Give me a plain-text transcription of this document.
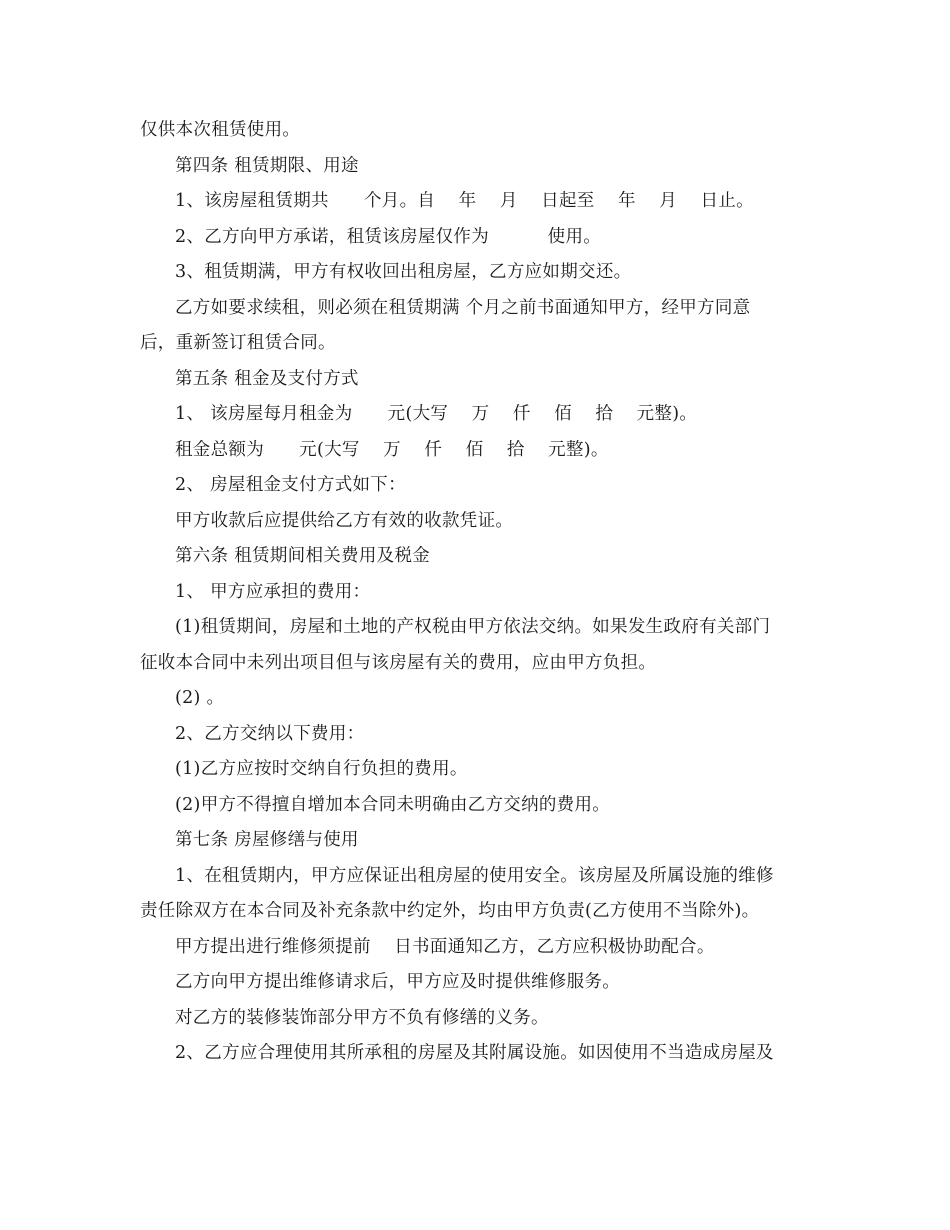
仅供本次租赁使用。

第四条 租赁期限、用途

1、该房屋租赁期共      个月。自    年    月    日起至    年    月    日止。

2、乙方向甲方承诺，租赁该房屋仅作为          使用。

3、租赁期满，甲方有权收回出租房屋，乙方应如期交还。

乙方如要求续租，则必须在租赁期满 个月之前书面通知甲方，经甲方同意

后，重新签订租赁合同。

第五条 租金及支付方式

1、 该房屋每月租金为      元(大写    万    仟    佰    拾    元整)。

租金总额为      元(大写    万    仟    佰    拾    元整)。

2、 房屋租金支付方式如下：

甲方收款后应提供给乙方有效的收款凭证。

第六条 租赁期间相关费用及税金

1、 甲方应承担的费用：

(1)租赁期间，房屋和土地的产权税由甲方依法交纳。如果发生政府有关部门

征收本合同中未列出项目但与该房屋有关的费用，应由甲方负担。

(2) 。

2、乙方交纳以下费用：

(1)乙方应按时交纳自行负担的费用。

(2)甲方不得擅自增加本合同未明确由乙方交纳的费用。

第七条 房屋修缮与使用

1、在租赁期内，甲方应保证出租房屋的使用安全。该房屋及所属设施的维修

责任除双方在本合同及补充条款中约定外，均由甲方负责(乙方使用不当除外)。

甲方提出进行维修须提前    日书面通知乙方，乙方应积极协助配合。

乙方向甲方提出维修请求后，甲方应及时提供维修服务。

对乙方的装修装饰部分甲方不负有修缮的义务。

2、乙方应合理使用其所承租的房屋及其附属设施。如因使用不当造成房屋及
